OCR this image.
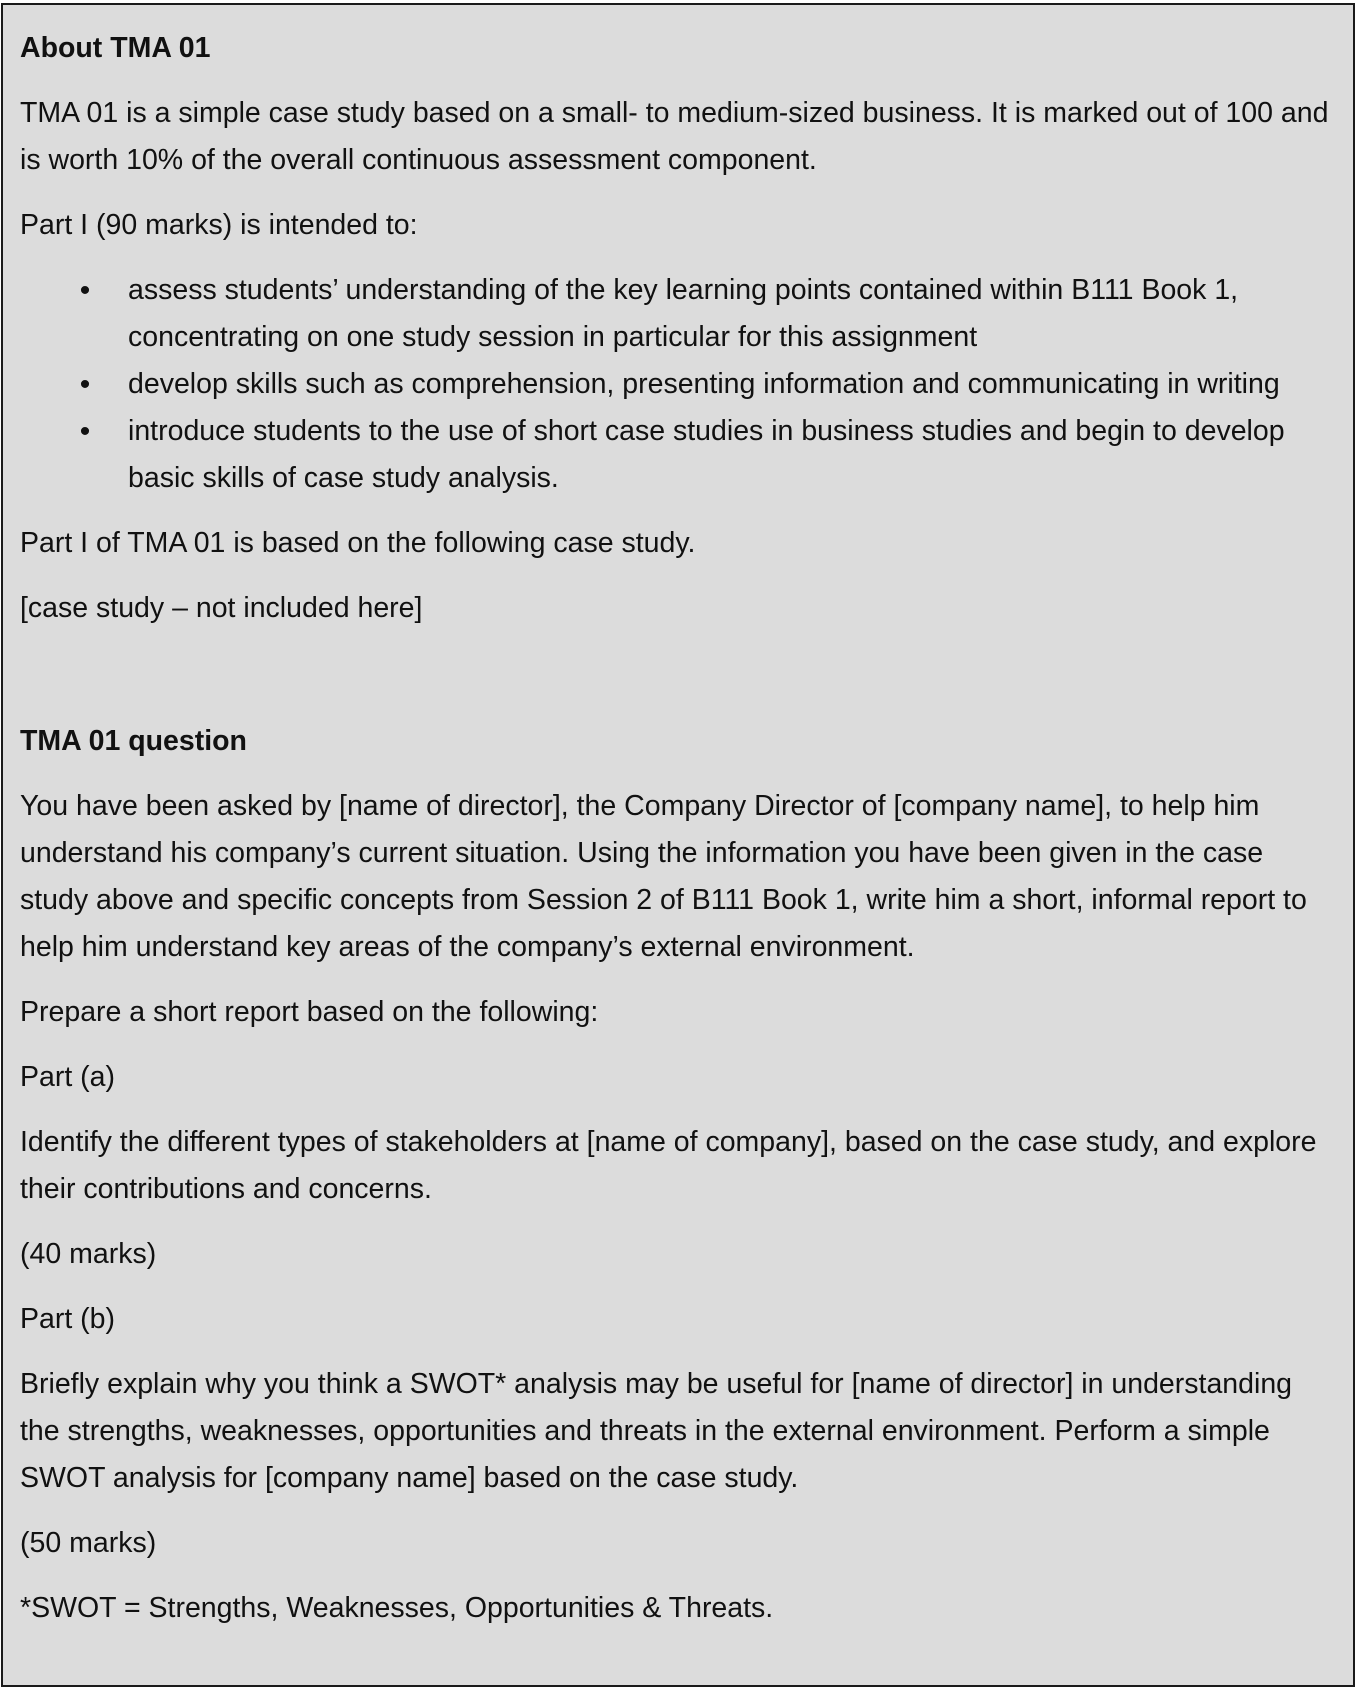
About TMA 01

TMA 01 is a simple case study based on a small- to medium-sized business. It is marked out of 100 and is worth 10% of the overall continuous assessment component.

Part I (90 marks) is intended to:

• assess students’ understanding of the key learning points contained within B111 Book 1, concentrating on one study session in particular for this assignment
• develop skills such as comprehension, presenting information and communicating in writing
• introduce students to the use of short case studies in business studies and begin to develop basic skills of case study analysis.

Part I of TMA 01 is based on the following case study.

[case study – not included here]

TMA 01 question

You have been asked by [name of director], the Company Director of [company name], to help him understand his company’s current situation. Using the information you have been given in the case study above and specific concepts from Session 2 of B111 Book 1, write him a short, informal report to help him understand key areas of the company’s external environment.

Prepare a short report based on the following:

Part (a)

Identify the different types of stakeholders at [name of company], based on the case study, and explore their contributions and concerns.

(40 marks)

Part (b)

Briefly explain why you think a SWOT* analysis may be useful for [name of director] in understanding the strengths, weaknesses, opportunities and threats in the external environment. Perform a simple SWOT analysis for [company name] based on the case study.

(50 marks)

*SWOT = Strengths, Weaknesses, Opportunities & Threats.
